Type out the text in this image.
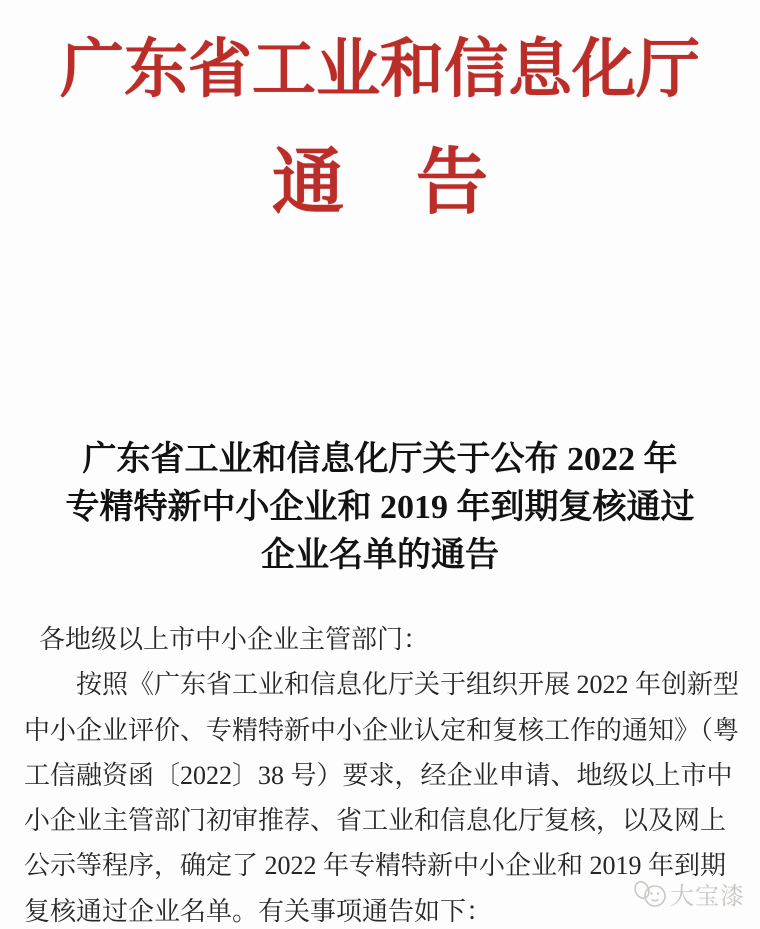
广东省工业和信息化厅
通　告
广东省工业和信息化厅关于公布 2022 年
专精特新中小企业和 2019 年到期复核通过
企业名单的通告

各地级以上市中小企业主管部门：

按照《广东省工业和信息化厅关于组织开展 2022 年创新型

中小企业评价、专精特新中小企业认定和复核工作的通知》（粤

工信融资函〔2022〕38 号）要求，经企业申请、地级以上市中

小企业主管部门初审推荐、省工业和信息化厅复核，以及网上

公示等程序，确定了 2022 年专精特新中小企业和 2019 年到期

复核通过企业名单。有关事项通告如下：	大宝漆
